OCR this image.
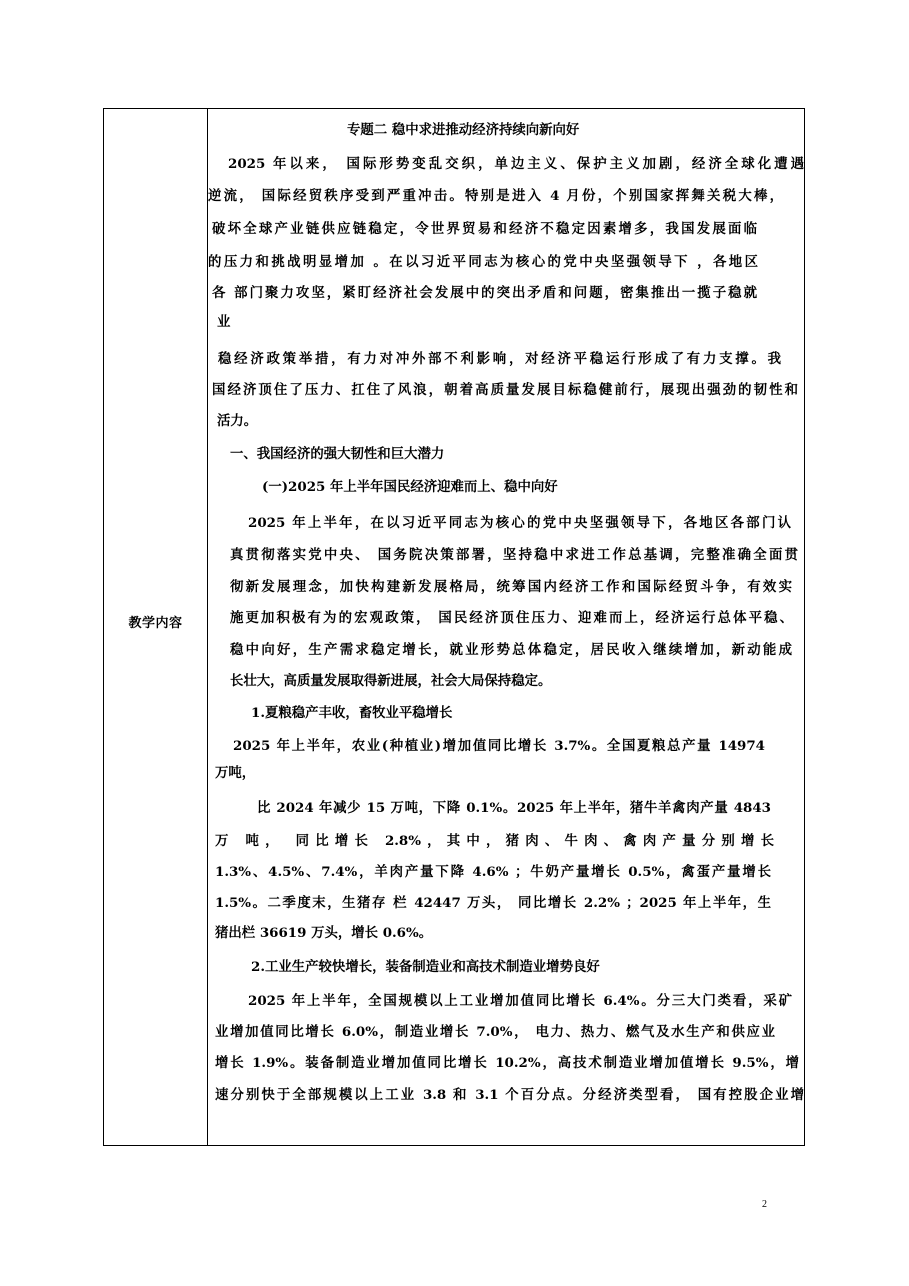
教学内容
专题二 稳中求进推动经济持续向新向好
2025 年以来， 国际形势变乱交织，单边主义、保护主义加剧，经济全球化遭遇
逆流， 国际经贸秩序受到严重冲击。特别是进入 4 月份，个别国家挥舞关税大棒，
破坏全球产业链供应链稳定，令世界贸易和经济不稳定因素增多，我国发展面临
的压力和挑战明显增加 。在以习近平同志为核心的党中央坚强领导下 ，各地区
各 部门聚力攻坚，紧盯经济社会发展中的突出矛盾和问题，密集推出一揽子稳就
业
稳经济政策举措，有力对冲外部不利影响，对经济平稳运行形成了有力支撑。我
国经济顶住了压力、扛住了风浪，朝着高质量发展目标稳健前行，展现出强劲的韧性和
活力。
一、我国经济的强大韧性和巨大潜力
(一)2025 年上半年国民经济迎难而上、稳中向好
2025 年上半年，在以习近平同志为核心的党中央坚强领导下，各地区各部门认
真贯彻落实党中央、 国务院决策部署，坚持稳中求进工作总基调，完整准确全面贯
彻新发展理念，加快构建新发展格局，统筹国内经济工作和国际经贸斗争，有效实
施更加积极有为的宏观政策， 国民经济顶住压力、迎难而上，经济运行总体平稳、
稳中向好，生产需求稳定增长，就业形势总体稳定，居民收入继续增加，新动能成
长壮大，高质量发展取得新进展，社会大局保持稳定。
1.夏粮稳产丰收，畜牧业平稳增长
2025 年上半年，农业(种植业)增加值同比增长 3.7%。全国夏粮总产量 14974
万吨，
比 2024 年减少 15 万吨，下降 0.1%。2025 年上半年，猪牛羊禽肉产量 4843
万 吨， 同比增长 2.8%，其中，猪肉、牛肉、禽肉产量分别增长
1.3%、4.5%、7.4%，羊肉产量下降 4.6% ；牛奶产量增长 0.5%，禽蛋产量增长
1.5%。二季度末，生猪存 栏 42447 万头， 同比增长 2.2% ；2025 年上半年，生
猪出栏 36619 万头，增长 0.6%。
2.工业生产较快增长，装备制造业和高技术制造业增势良好
2025 年上半年，全国规模以上工业增加值同比增长 6.4%。分三大门类看，采矿
业增加值同比增长 6.0%，制造业增长 7.0%， 电力、热力、燃气及水生产和供应业
增长 1.9%。装备制造业增加值同比增长 10.2%，高技术制造业增加值增长 9.5%，增
速分别快于全部规模以上工业 3.8 和 3.1 个百分点。分经济类型看， 国有控股企业增
2
